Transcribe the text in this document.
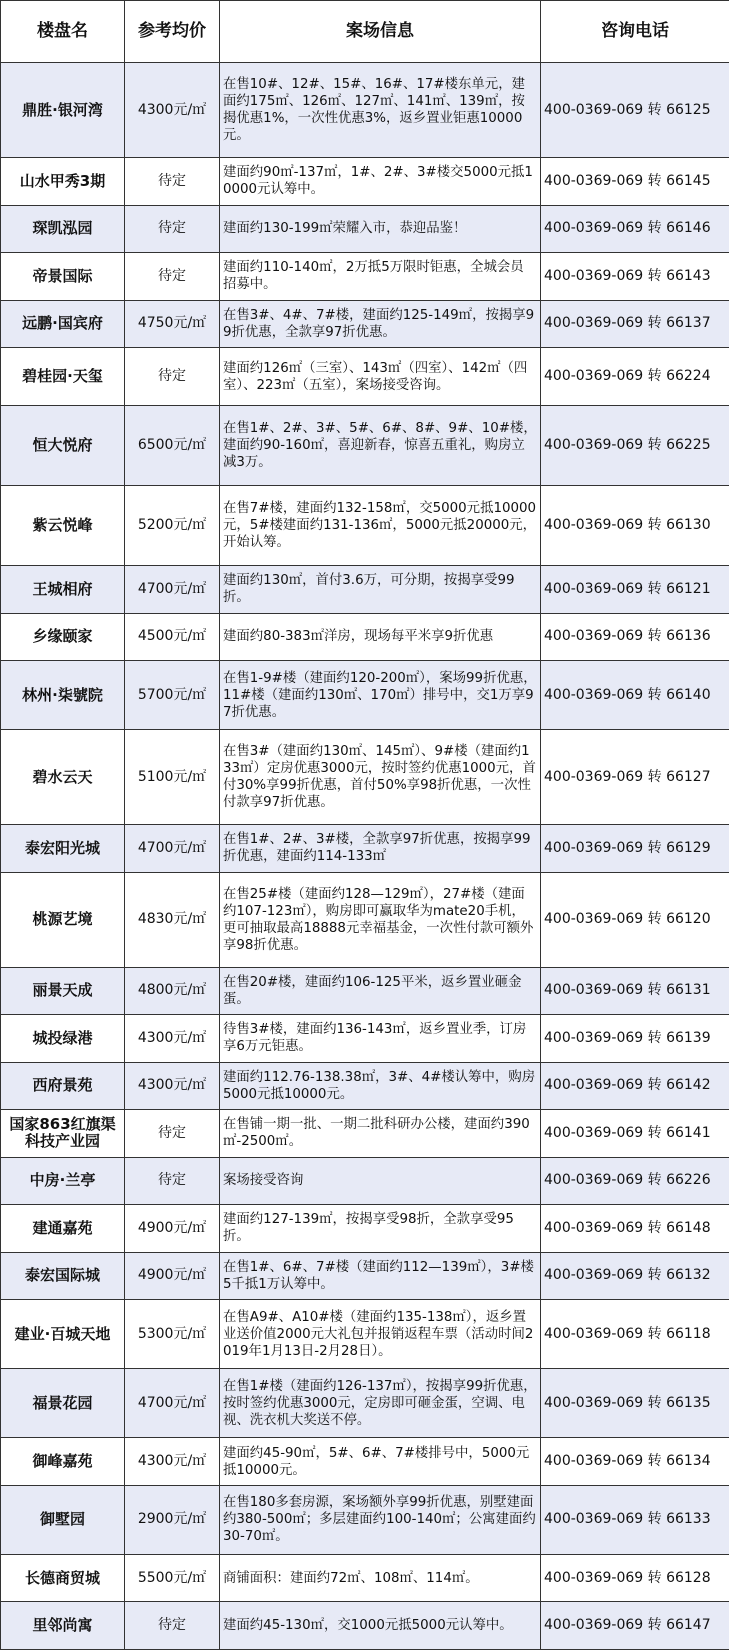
楼盘名	参考均价	案场信息	咨询电话
鼎胜·银河湾	4300元/㎡	在售10#、12#、15#、16#、17#楼东单元，建面约175㎡、126㎡、127㎡、141㎡、139㎡，按揭优惠1%，一次性优惠3%，返乡置业钜惠10000元。	400-0369-069 转 66125
山水甲秀3期	待定	建面约90㎡-137㎡，1#、2#、3#楼交5000元抵10000元认筹中。	400-0369-069 转 66145
琛凯泓园	待定	建面约130-199㎡荣耀入市，恭迎品鉴！	400-0369-069 转 66146
帝景国际	待定	建面约110-140㎡，2万抵5万限时钜惠，全城会员招募中。	400-0369-069 转 66143
远鹏·国宾府	4750元/㎡	在售3#、4#、7#楼，建面约125-149㎡，按揭享99折优惠，全款享97折优惠。	400-0369-069 转 66137
碧桂园·天玺	待定	建面约126㎡（三室）、143㎡（四室）、142㎡（四室）、223㎡（五室），案场接受咨询。	400-0369-069 转 66224
恒大悦府	6500元/㎡	在售1#、2#、3#、5#、6#、8#、9#、10#楼，建面约90-160㎡，喜迎新春，惊喜五重礼，购房立减3万。	400-0369-069 转 66225
紫云悦峰	5200元/㎡	在售7#楼，建面约132-158㎡，交5000元抵10000元，5#楼建面约131-136㎡，5000元抵20000元，开始认筹。	400-0369-069 转 66130
王城相府	4700元/㎡	建面约130㎡，首付3.6万，可分期，按揭享受99折。	400-0369-069 转 66121
乡缘颐家	4500元/㎡	建面约80-383㎡洋房，现场每平米享9折优惠	400-0369-069 转 66136
林州·柒號院	5700元/㎡	在售1-9#楼（建面约120-200㎡），案场99折优惠，11#楼（建面约130㎡、170㎡）排号中，交1万享97折优惠。	400-0369-069 转 66140
碧水云天	5100元/㎡	在售3#（建面约130㎡、145㎡）、9#楼（建面约133㎡）定房优惠3000元，按时签约优惠1000元，首付30%享99折优惠，首付50%享98折优惠，一次性付款享97折优惠。	400-0369-069 转 66127
泰宏阳光城	4700元/㎡	在售1#、2#、3#楼，全款享97折优惠，按揭享99折优惠，建面约114-133㎡	400-0369-069 转 66129
桃源艺境	4830元/㎡	在售25#楼（建面约128—129㎡），27#楼（建面约107-123㎡），购房即可赢取华为mate20手机，更可抽取最高18888元幸福基金，一次性付款可额外享98折优惠。	400-0369-069 转 66120
丽景天成	4800元/㎡	在售20#楼，建面约106-125平米，返乡置业砸金蛋。	400-0369-069 转 66131
城投绿港	4300元/㎡	待售3#楼，建面约136-143㎡，返乡置业季，订房享6万元钜惠。	400-0369-069 转 66139
西府景苑	4300元/㎡	建面约112.76-138.38㎡，3#、4#楼认筹中，购房5000元抵10000元。	400-0369-069 转 66142
国家863红旗渠科技产业园	待定	在售铺一期一批、一期二批科研办公楼，建面约390㎡-2500㎡。	400-0369-069 转 66141
中房·兰亭	待定	案场接受咨询	400-0369-069 转 66226
建通嘉苑	4900元/㎡	建面约127-139㎡，按揭享受98折，全款享受95折。	400-0369-069 转 66148
泰宏国际城	4900元/㎡	在售1#、6#、7#楼（建面约112—139㎡），3#楼5千抵1万认筹中。	400-0369-069 转 66132
建业·百城天地	5300元/㎡	在售A9#、A10#楼（建面约135-138㎡），返乡置业送价值2000元大礼包并报销返程车票（活动时间2019年1月13日-2月28日）。	400-0369-069 转 66118
福景花园	4700元/㎡	在售1#楼（建面约126-137㎡），按揭享99折优惠，按时签约优惠3000元，定房即可砸金蛋，空调、电视、洗衣机大奖送不停。	400-0369-069 转 66135
御峰嘉苑	4300元/㎡	建面约45-90㎡，5#、6#、7#楼排号中，5000元抵10000元。	400-0369-069 转 66134
御墅园	2900元/㎡	在售180多套房源，案场额外享99折优惠，别墅建面约380-500㎡；多层建面约100-140㎡；公寓建面约30-70㎡。	400-0369-069 转 66133
长德商贸城	5500元/㎡	商铺面积：建面约72㎡、108㎡、114㎡。	400-0369-069 转 66128
里邻尚寓	待定	建面约45-130㎡，交1000元抵5000元认筹中。	400-0369-069 转 66147
